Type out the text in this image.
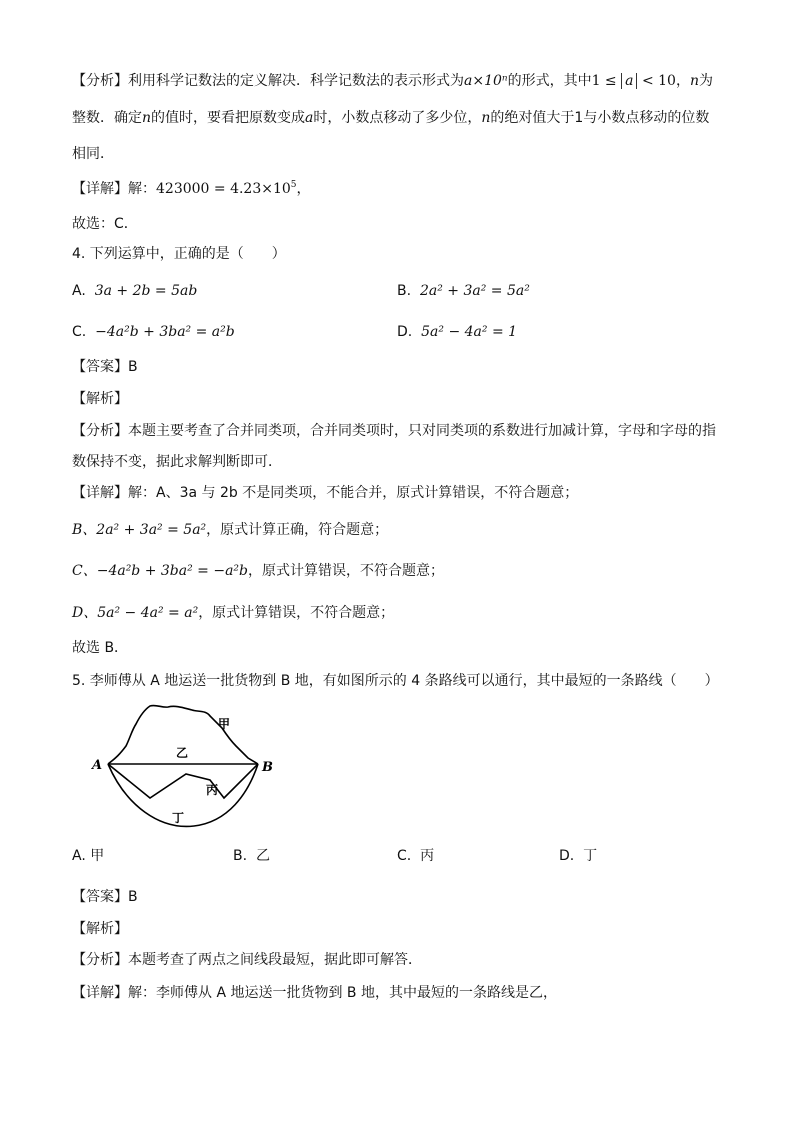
【分析】利用科学记数法的定义解决．科学记数法的表示形式为a×10ⁿ的形式，其中1 ≤ a < 10，n为
整数．确定n的值时，要看把原数变成a时，小数点移动了多少位，n的绝对值大于1与小数点移动的位数
相同．
【详解】解：$423000 = 4.23\times 10^5$，
故选：C．
4. 下列运算中，正确的是（　　）
A. 3a + 2b = 5ab	B. 2a² + 3a² = 5a²
C. −4a²b + 3ba² = a²b	D. 5a² − 4a² = 1
【答案】B
【解析】
【分析】本题主要考查了合并同类项，合并同类项时，只对同类项的系数进行加减计算，字母和字母的指
数保持不变，据此求解判断即可．
【详解】解：A、3a 与 2b 不是同类项，不能合并，原式计算错误，不符合题意；
B、2a² + 3a² = 5a²，原式计算正确，符合题意；
C、−4a²b + 3ba² = −a²b，原式计算错误，不符合题意；
D、5a² − 4a² = a²，原式计算错误，不符合题意；
故选 B．
5. 李师傅从 A 地运送一批货物到 B 地，有如图所示的 4 条路线可以通行，其中最短的一条路线（　　）
A	B
甲
乙
丙
丁
A. 甲	B. 乙	C. 丙	D. 丁
【答案】B
【解析】
【分析】本题考查了两点之间线段最短，据此即可解答．
【详解】解：李师傅从 A 地运送一批货物到 B 地，其中最短的一条路线是乙，
